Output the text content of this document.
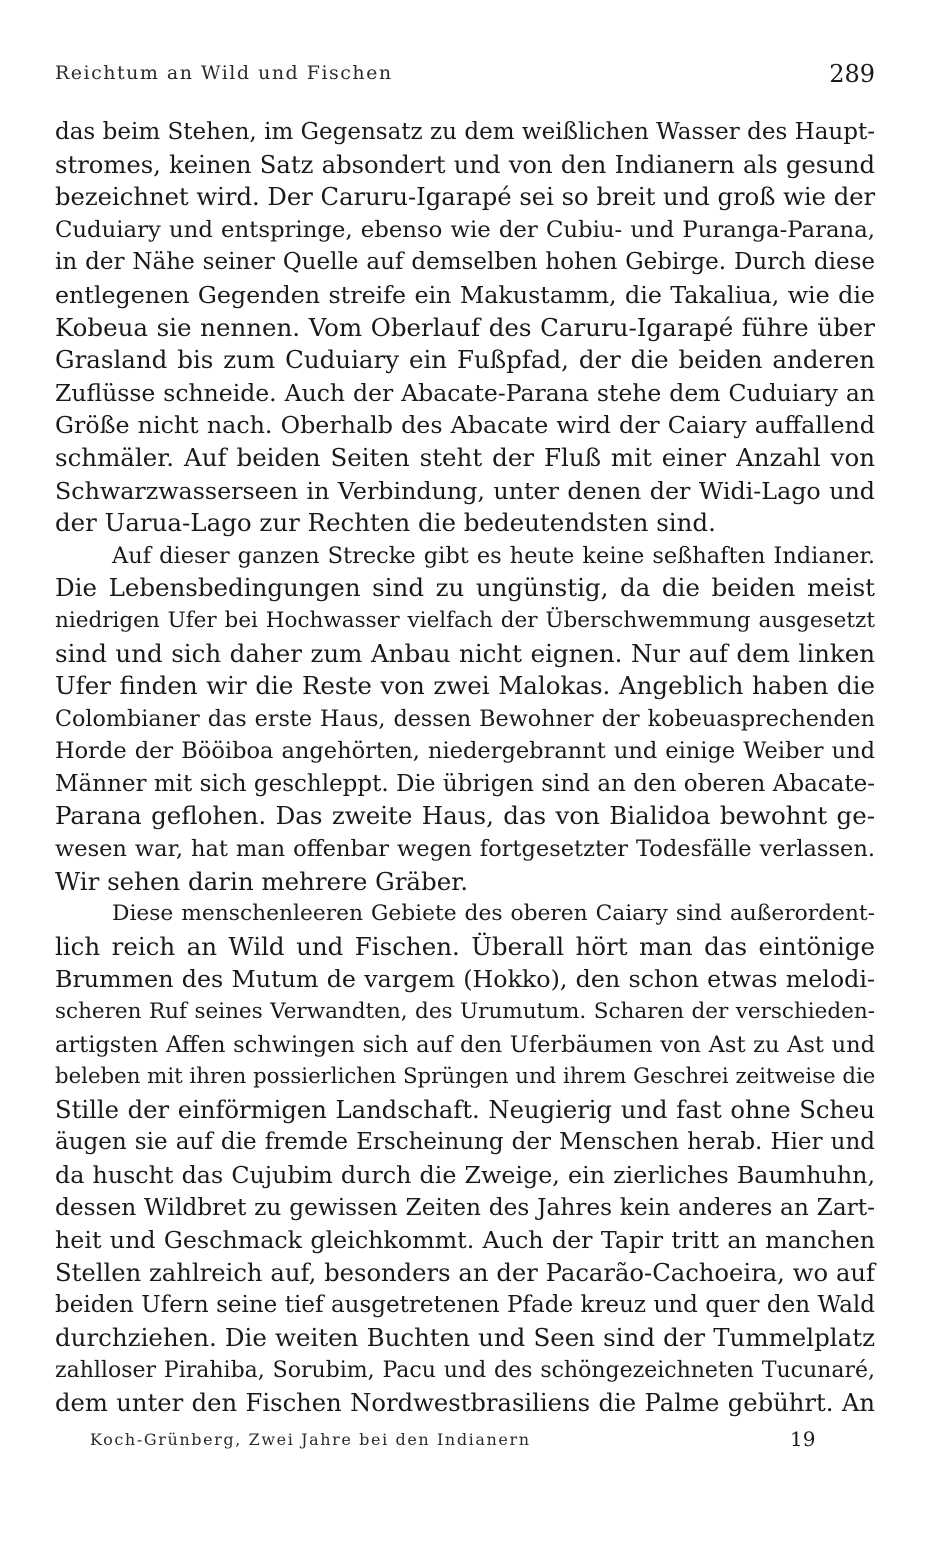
Reichtum an Wild und Fischen	289
das beim Stehen, im Gegensatz zu dem weißlichen Wasser des Haupt-
stromes, keinen Satz absondert und von den Indianern als gesund
bezeichnet wird. Der Caruru-Igarapé sei so breit und groß wie der
Cuduiary und entspringe, ebenso wie der Cubiu- und Puranga-Parana,
in der Nähe seiner Quelle auf demselben hohen Gebirge. Durch diese
entlegenen Gegenden streife ein Makustamm, die Takaliua, wie die
Kobeua sie nennen. Vom Oberlauf des Caruru-Igarapé führe über
Grasland bis zum Cuduiary ein Fußpfad, der die beiden anderen
Zuflüsse schneide. Auch der Abacate-Parana stehe dem Cuduiary an
Größe nicht nach. Oberhalb des Abacate wird der Caiary auffallend
schmäler. Auf beiden Seiten steht der Fluß mit einer Anzahl von
Schwarzwasserseen in Verbindung, unter denen der Widi-Lago und
der Uarua-Lago zur Rechten die bedeutendsten sind.
Auf dieser ganzen Strecke gibt es heute keine seßhaften Indianer.
Die Lebensbedingungen sind zu ungünstig, da die beiden meist
niedrigen Ufer bei Hochwasser vielfach der Überschwemmung ausgesetzt
sind und sich daher zum Anbau nicht eignen. Nur auf dem linken
Ufer finden wir die Reste von zwei Malokas. Angeblich haben die
Colombianer das erste Haus, dessen Bewohner der kobeuasprechenden
Horde der Bööiboa angehörten, niedergebrannt und einige Weiber und
Männer mit sich geschleppt. Die übrigen sind an den oberen Abacate-
Parana geflohen. Das zweite Haus, das von Bialidoa bewohnt ge-
wesen war, hat man offenbar wegen fortgesetzter Todesfälle verlassen.
Wir sehen darin mehrere Gräber.
Diese menschenleeren Gebiete des oberen Caiary sind außerordent-
lich reich an Wild und Fischen. Überall hört man das eintönige
Brummen des Mutum de vargem (Hokko), den schon etwas melodi-
scheren Ruf seines Verwandten, des Urumutum. Scharen der verschieden-
artigsten Affen schwingen sich auf den Uferbäumen von Ast zu Ast und
beleben mit ihren possierlichen Sprüngen und ihrem Geschrei zeitweise die
Stille der einförmigen Landschaft. Neugierig und fast ohne Scheu
äugen sie auf die fremde Erscheinung der Menschen herab. Hier und
da huscht das Cujubim durch die Zweige, ein zierliches Baumhuhn,
dessen Wildbret zu gewissen Zeiten des Jahres kein anderes an Zart-
heit und Geschmack gleichkommt. Auch der Tapir tritt an manchen
Stellen zahlreich auf, besonders an der Pacarão-Cachoeira, wo auf
beiden Ufern seine tief ausgetretenen Pfade kreuz und quer den Wald
durchziehen. Die weiten Buchten und Seen sind der Tummelplatz
zahlloser Pirahiba, Sorubim, Pacu und des schöngezeichneten Tucunaré,
dem unter den Fischen Nordwestbrasiliens die Palme gebührt. An
Koch-Grünberg, Zwei Jahre bei den Indianern	19
